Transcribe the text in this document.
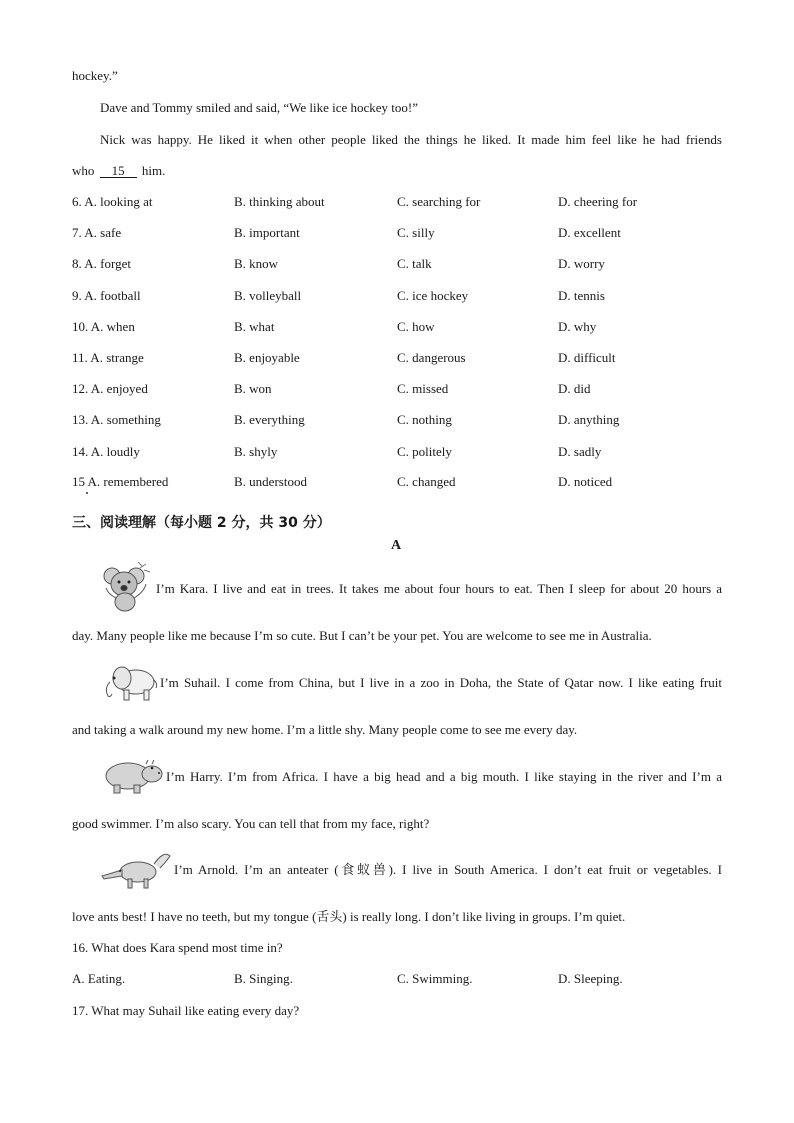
hockey.”
Dave and Tommy smiled and said, “We like ice hockey too!”
Nick was happy. He liked it when other people liked the things he liked. It made him feel like he had friends
who 15 him.
6. A. looking at	B. thinking about	C. searching for	D. cheering for
7. A. safe	B. important	C. silly	D. excellent
8. A. forget	B. know	C. talk	D. worry
9. A. football	B. volleyball	C. ice hockey	D. tennis
10. A. when	B. what	C. how	D. why
11. A. strange	B. enjoyable	C. dangerous	D. difficult
12. A. enjoyed	B. won	C. missed	D. did
13. A. something	B. everything	C. nothing	D. anything
14. A. loudly	B. shyly	C. politely	D. sadly
15 A. remembered	B. understood	C. changed	D. noticed
三、阅读理解（每小题 2 分，共 30 分）
A
I’m Kara. I live and eat in trees. It takes me about four hours to eat. Then I sleep for about 20 hours a
day. Many people like me because I’m so cute. But I can’t be your pet. You are welcome to see me in Australia.
I’m Suhail. I come from China, but I live in a zoo in Doha, the State of Qatar now. I like eating fruit
and taking a walk around my new home. I’m a little shy. Many people come to see me every day.
I’m Harry. I’m from Africa. I have a big head and a big mouth. I like staying in the river and I’m a
good swimmer. I’m also scary. You can tell that from my face, right?
I’m Arnold. I’m an anteater (食蚁兽). I live in South America. I don’t eat fruit or vegetables. I
love ants best! I have no teeth, but my tongue (舌头) is really long. I don’t like living in groups. I’m quiet.
16. What does Kara spend most time in?
A. Eating.	B. Singing.	C. Swimming.	D. Sleeping.
17. What may Suhail like eating every day?
